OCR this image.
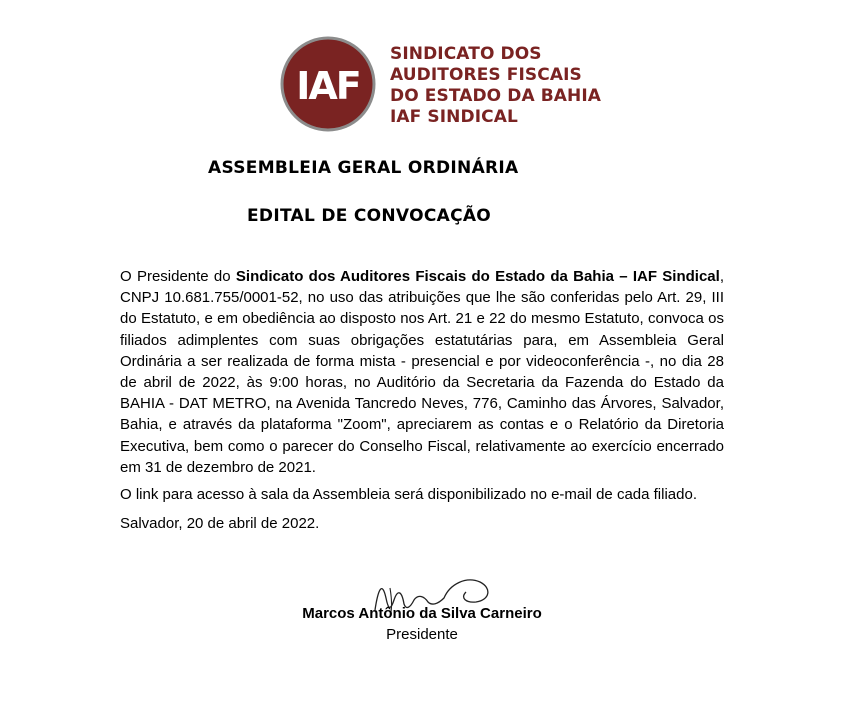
IAF
SINDICATO DOS
AUDITORES FISCAIS
DO ESTADO DA BAHIA
IAF SINDICAL
ASSEMBLEIA GERAL ORDINÁRIA
EDITAL DE CONVOCAÇÃO

O Presidente do Sindicato dos Auditores Fiscais do Estado da Bahia – IAF Sindical, CNPJ 10.681.755/0001-52, no uso das atribuições que lhe são conferidas pelo Art. 29, III do Estatuto, e em obediência ao disposto nos Art. 21 e 22 do mesmo Estatuto, convoca os filiados adimplentes com suas obrigações estatutárias para, em Assembleia Geral Ordinária a ser realizada de forma mista - presencial e por videoconferência -, no dia 28 de abril de 2022, às 9:00 horas, no Auditório da Secretaria da Fazenda do Estado da BAHIA - DAT METRO, na Avenida Tancredo Neves, 776, Caminho das Árvores, Salvador, Bahia, e através da plataforma "Zoom", apreciarem as contas e o Relatório da Diretoria Executiva, bem como o parecer do Conselho Fiscal, relativamente ao exercício encerrado em 31 de dezembro de 2021.

O link para acesso à sala da Assembleia será disponibilizado no e-mail de cada filiado.

Salvador, 20 de abril de 2022.

Marcos Antônio da Silva Carneiro
Presidente
